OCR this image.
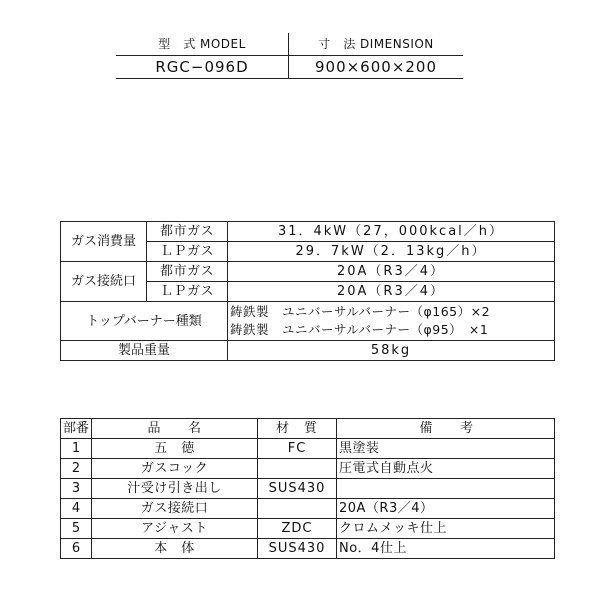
型　式 MODEL	寸　法 DIMENSION
RGC−096D	900×600×200
ガス消費量	都市ガス	31．4kW（27，000kcal／h）
	ＬＰガス	29．7kW（2．13kg／h）
ガス接続口	都市ガス	20A（R3／4）
	ＬＰガス	20A（R3／4）
トップバーナー種類		鋳鉄製　ユニバーサルバーナー（φ165）×2
鋳鉄製　ユニバーサルバーナー（φ95）　×1

製品重量		58kg
部番	品　　名	材　質	備　　考
1	五　徳	FC	黒塗装
2	ガスコック		圧電式自動点火
3	汁受け引き出し	SUS430	
4	ガス接続口		20A（R3／4）
5	アジャスト	ZDC	クロムメッキ仕上
6	本　体	SUS430	No．4仕上
